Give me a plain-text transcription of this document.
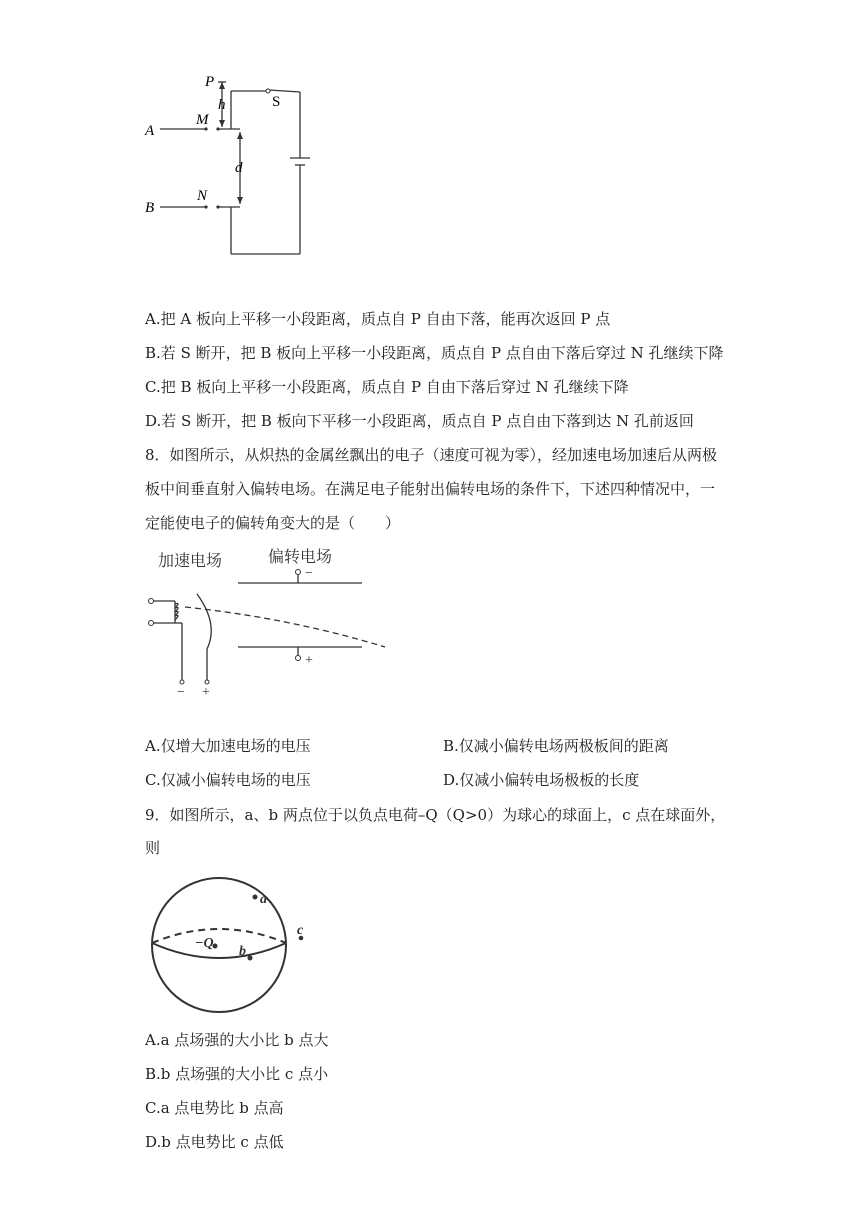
P
h	S
A
M
d
B
N
A.把 A 板向上平移一小段距离，质点自 P 自由下落，能再次返回 P 点
B.若 S 断开，把 B 板向上平移一小段距离，质点自 P 点自由下落后穿过 N 孔继续下降
C.把 B 板向上平移一小段距离，质点自 P 自由下落后穿过 N 孔继续下降
D.若 S 断开，把 B 板向下平移一小段距离，质点自 P 点自由下落到达 N 孔前返回
8．如图所示，从炽热的金属丝飘出的电子（速度可视为零），经加速电场加速后从两极
板中间垂直射入偏转电场。在满足电子能射出偏转电场的条件下，下述四种情况中，一
定能使电子的偏转角变大的是（　　）
加速电场	偏转电场
−
+
− +
A.仅增大加速电场的电压	B.仅减小偏转电场两极板间的距离
C.仅减小偏转电场的电压	D.仅减小偏转电场极板的长度
9．如图所示，a、b 两点位于以负点电荷–Q（Q>0）为球心的球面上，c 点在球面外，
则
a
−Q
b
c
A.a 点场强的大小比 b 点大
B.b 点场强的大小比 c 点小
C.a 点电势比 b 点高
D.b 点电势比 c 点低
